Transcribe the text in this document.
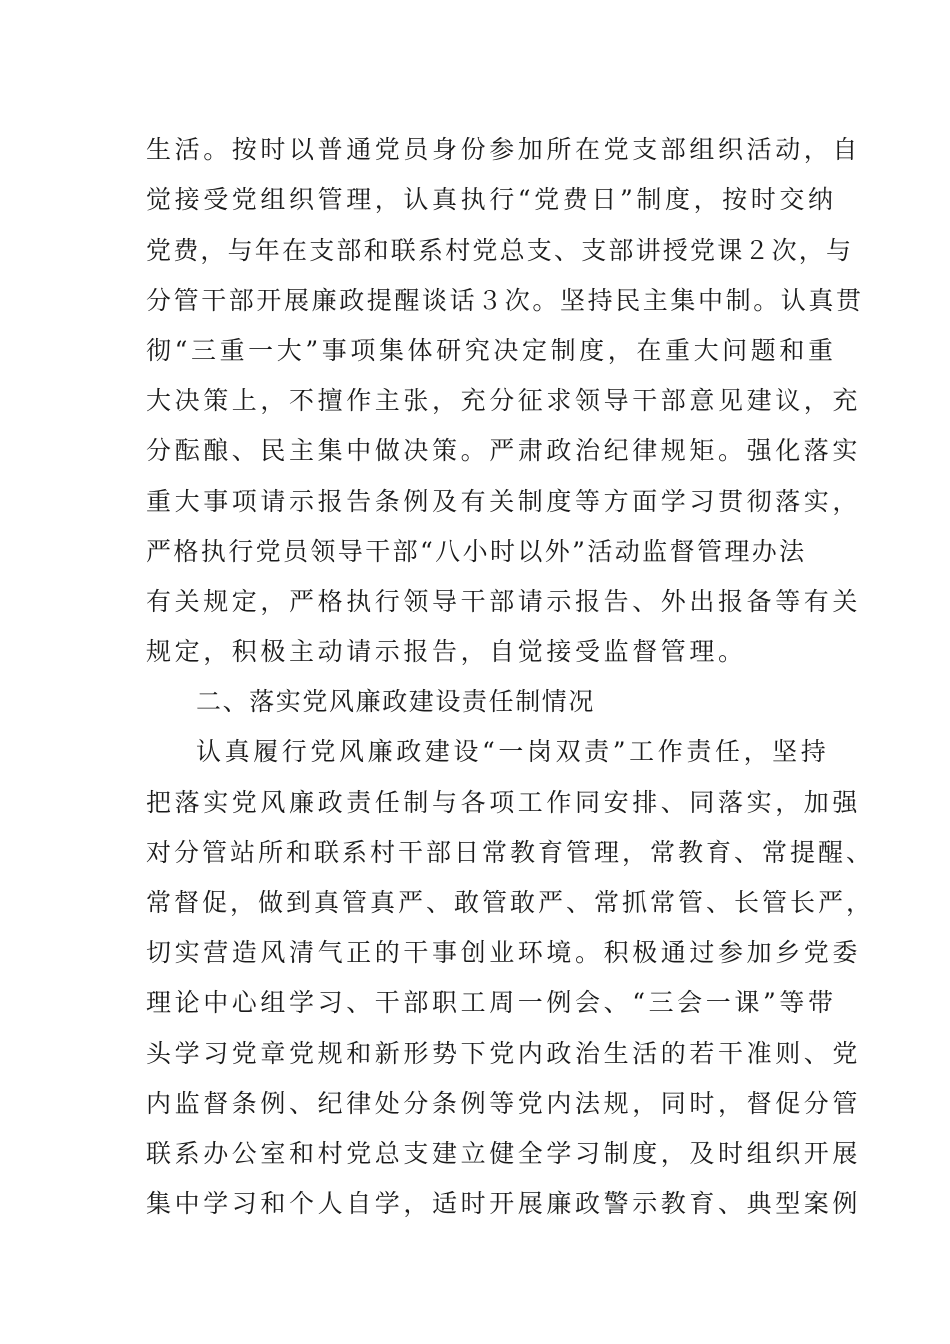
生活。按时以普通党员身份参加所在党支部组织活动，自
觉接受党组织管理，认真执行“党费日”制度，按时交纳
党费，与年在支部和联系村党总支、支部讲授党课２次，与
分管干部开展廉政提醒谈话３次。坚持民主集中制。认真贯
彻“三重一大”事项集体研究决定制度，在重大问题和重
大决策上，不擅作主张，充分征求领导干部意见建议，充
分酝酿、民主集中做决策。严肃政治纪律规矩。强化落实
重大事项请示报告条例及有关制度等方面学习贯彻落实，
严格执行党员领导干部“八小时以外”活动监督管理办法
有关规定，严格执行领导干部请示报告、外出报备等有关
规定，积极主动请示报告，自觉接受监督管理。
二、落实党风廉政建设责任制情况
认真履行党风廉政建设“一岗双责”工作责任，坚持
把落实党风廉政责任制与各项工作同安排、同落实，加强
对分管站所和联系村干部日常教育管理，常教育、常提醒、
常督促，做到真管真严、敢管敢严、常抓常管、长管长严，
切实营造风清气正的干事创业环境。积极通过参加乡党委
理论中心组学习、干部职工周一例会、“三会一课”等带
头学习党章党规和新形势下党内政治生活的若干准则、党
内监督条例、纪律处分条例等党内法规，同时，督促分管
联系办公室和村党总支建立健全学习制度，及时组织开展
集中学习和个人自学，适时开展廉政警示教育、典型案例
